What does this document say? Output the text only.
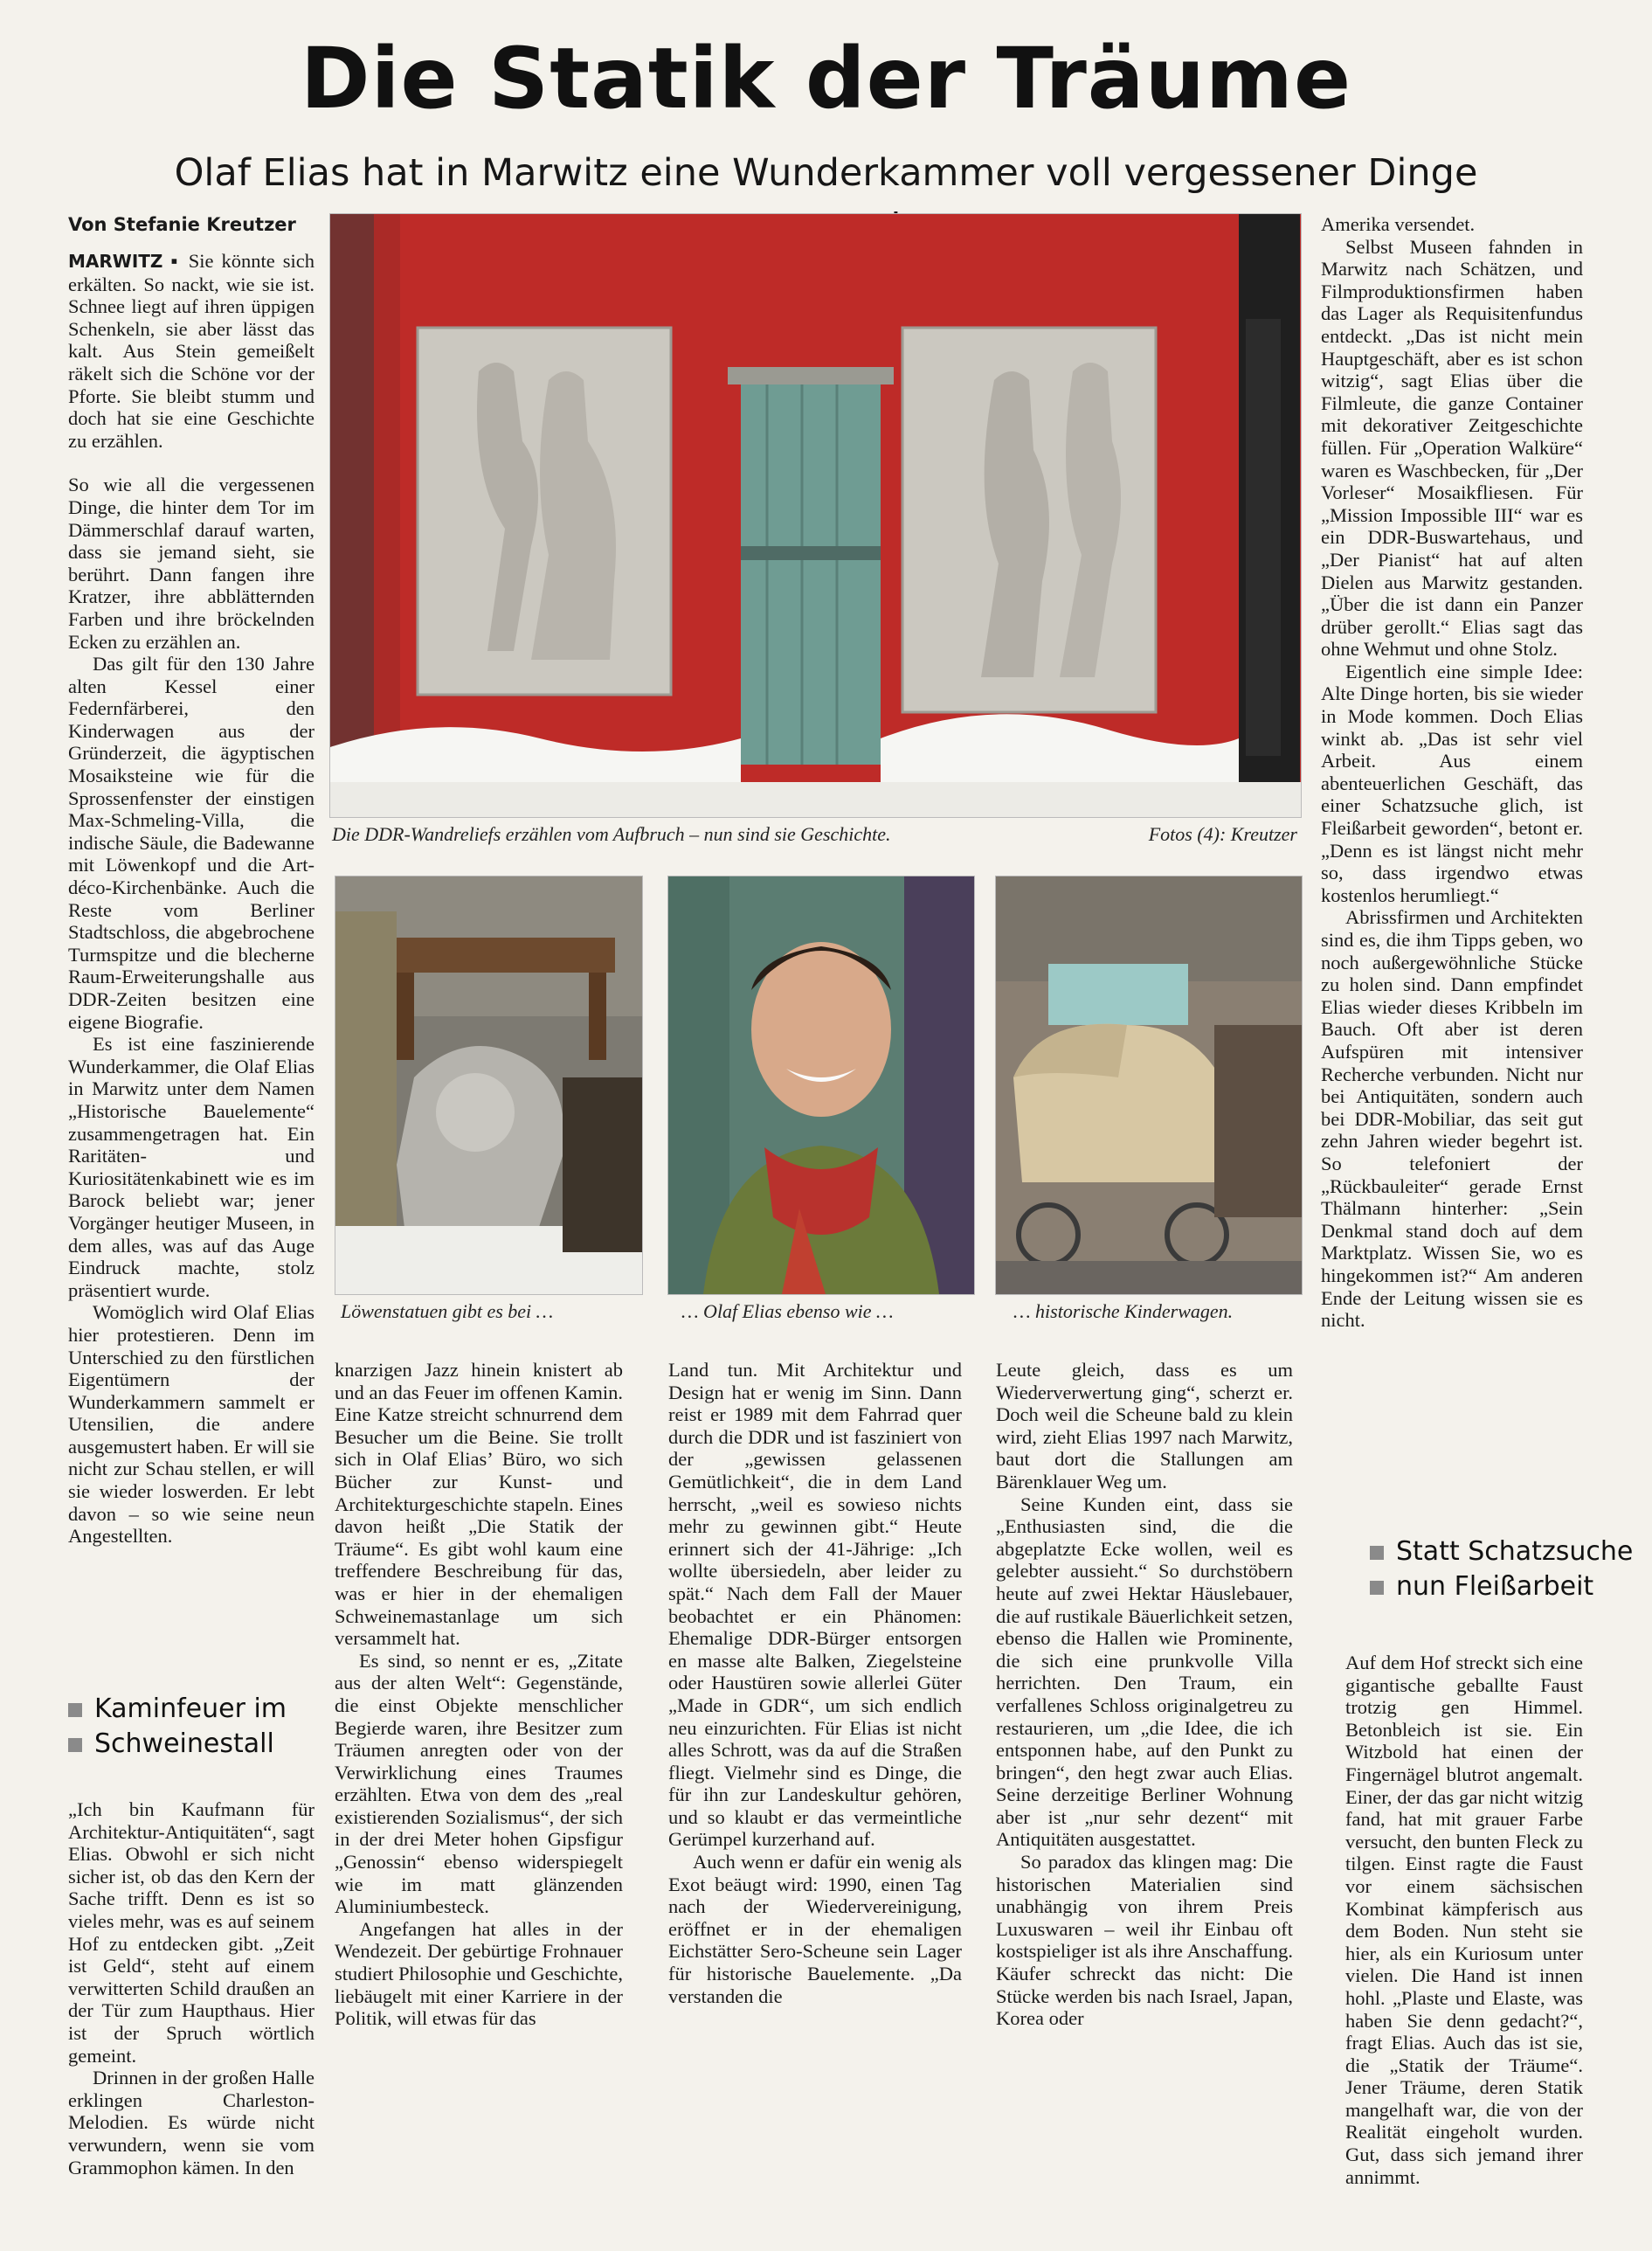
Die Statik der Träume
Olaf Elias hat in Marwitz eine Wunderkammer voll vergessener Dinge
Von Stefanie Kreutzer
Die DDR-Wandreliefs erzählen vom Aufbruch – nun sind sie Geschichte.	Fotos (4): Kreutzer
Löwenstatuen gibt es bei …	… Olaf Elias ebenso wie …	… historische Kinderwagen.

MARWITZ ▪ Sie könnte sich erkälten. So nackt, wie sie ist. Schnee liegt auf ihren üppigen Schenkeln, sie aber lässt das kalt. Aus Stein gemeißelt räkelt sich die Schöne vor der Pforte. Sie bleibt stumm und doch hat sie eine Geschichte zu erzählen.

So wie all die vergessenen Dinge, die hinter dem Tor im Dämmerschlaf darauf warten, dass sie jemand sieht, sie berührt. Dann fangen ihre Kratzer, ihre abblätternden Farben und ihre bröckelnden Ecken zu erzählen an.

Das gilt für den 130 Jahre alten Kessel einer Federnfärberei, den Kinderwagen aus der Gründerzeit, die ägyptischen Mosaiksteine wie für die Sprossenfenster der einstigen Max-Schmeling-Villa, die indische Säule, die Badewanne mit Löwenkopf und die Art-déco-Kirchenbänke. Auch die Reste vom Berliner Stadtschloss, die abgebrochene Turmspitze und die blecherne Raum-Erweiterungshalle aus DDR-Zeiten besitzen eine eigene Biografie.

Es ist eine faszinierende Wunderkammer, die Olaf Elias in Marwitz unter dem Namen „Historische Bauelemente“ zusammengetragen hat. Ein Raritäten- und Kuriositätenkabinett wie es im Barock beliebt war; jener Vorgänger heutiger Museen, in dem alles, was auf das Auge Eindruck machte, stolz präsentiert wurde.

Womöglich wird Olaf Elias hier protestieren. Denn im Unterschied zu den fürstlichen Eigentümern der Wunderkammern sammelt er Utensilien, die andere ausgemustert haben. Er will sie nicht zur Schau stellen, er will sie wieder loswerden. Er lebt davon – so wie seine neun Angestellten.

Kaminfeuer im
Schweinestall

„Ich bin Kaufmann für Architektur-Antiquitäten“, sagt Elias. Obwohl er sich nicht sicher ist, ob das den Kern der Sache trifft. Denn es ist so vieles mehr, was es auf seinem Hof zu entdecken gibt. „Zeit ist Geld“, steht auf einem verwitterten Schild draußen an der Tür zum Haupthaus. Hier ist der Spruch wörtlich gemeint.

Drinnen in der großen Halle erklingen Charleston-Melodien. Es würde nicht verwundern, wenn sie vom Grammophon kämen. In den

knarzigen Jazz hinein knistert ab und an das Feuer im offenen Kamin. Eine Katze streicht schnurrend dem Besucher um die Beine. Sie trollt sich in Olaf Elias’ Büro, wo sich Bücher zur Kunst- und Architekturgeschichte stapeln. Eines davon heißt „Die Statik der Träume“. Es gibt wohl kaum eine treffendere Beschreibung für das, was er hier in der ehemaligen Schweinemastanlage um sich versammelt hat.

Es sind, so nennt er es, „Zitate aus der alten Welt“: Gegenstände, die einst Objekte menschlicher Begierde waren, ihre Besitzer zum Träumen anregten oder von der Verwirklichung eines Traumes erzählten. Etwa von dem des „real existierenden Sozialismus“, der sich in der drei Meter hohen Gipsfigur „Genossin“ ebenso widerspiegelt wie im matt glänzenden Aluminiumbesteck.

Angefangen hat alles in der Wendezeit. Der gebürtige Frohnauer studiert Philosophie und Geschichte, liebäugelt mit einer Karriere in der Politik, will etwas für das

Land tun. Mit Architektur und Design hat er wenig im Sinn. Dann reist er 1989 mit dem Fahrrad quer durch die DDR und ist fasziniert von der „gewissen gelassenen Gemütlichkeit“, die in dem Land herrscht, „weil es sowieso nichts mehr zu gewinnen gibt.“ Heute erinnert sich der 41-Jährige: „Ich wollte übersiedeln, aber leider zu spät.“ Nach dem Fall der Mauer beobachtet er ein Phänomen: Ehemalige DDR-Bürger entsorgen en masse alte Balken, Ziegelsteine oder Haustüren sowie allerlei Güter „Made in GDR“, um sich endlich neu einzurichten. Für Elias ist nicht alles Schrott, was da auf die Straßen fliegt. Vielmehr sind es Dinge, die für ihn zur Landeskultur gehören, und so klaubt er das vermeintliche Gerümpel kurzerhand auf.

Auch wenn er dafür ein wenig als Exot beäugt wird: 1990, einen Tag nach der Wiedervereinigung, eröffnet er in der ehemaligen Eichstätter Sero-Scheune sein Lager für historische Bauelemente. „Da verstanden die

Leute gleich, dass es um Wiederverwertung ging“, scherzt er. Doch weil die Scheune bald zu klein wird, zieht Elias 1997 nach Marwitz, baut dort die Stallungen am Bärenklauer Weg um.

Seine Kunden eint, dass sie „Enthusiasten sind, die die abgeplatzte Ecke wollen, weil es gelebter aussieht.“ So durchstöbern heute auf zwei Hektar Häuslebauer, die auf rustikale Bäuerlichkeit setzen, ebenso die Hallen wie Prominente, die sich eine prunkvolle Villa herrichten. Den Traum, ein verfallenes Schloss originalgetreu zu restaurieren, um „die Idee, die ich entsponnen habe, auf den Punkt zu bringen“, den hegt zwar auch Elias. Seine derzeitige Berliner Wohnung aber ist „nur sehr dezent“ mit Antiquitäten ausgestattet.

So paradox das klingen mag: Die historischen Materialien sind unabhängig von ihrem Preis Luxuswaren – weil ihr Einbau oft kostspieliger ist als ihre Anschaffung. Käufer schreckt das nicht: Die Stücke werden bis nach Israel, Japan, Korea oder

Amerika versendet.

Selbst Museen fahnden in Marwitz nach Schätzen, und Filmproduktionsfirmen haben das Lager als Requisitenfundus entdeckt. „Das ist nicht mein Hauptgeschäft, aber es ist schon witzig“, sagt Elias über die Filmleute, die ganze Container mit dekorativer Zeitgeschichte füllen. Für „Operation Walküre“ waren es Waschbecken, für „Der Vorleser“ Mosaikfliesen. Für „Mission Impossible III“ war es ein DDR-Buswartehaus, und „Der Pianist“ hat auf alten Dielen aus Marwitz gestanden. „Über die ist dann ein Panzer drüber gerollt.“ Elias sagt das ohne Wehmut und ohne Stolz.

Eigentlich eine simple Idee: Alte Dinge horten, bis sie wieder in Mode kommen. Doch Elias winkt ab. „Das ist sehr viel Arbeit. Aus einem abenteuerlichen Geschäft, das einer Schatzsuche glich, ist Fleißarbeit geworden“, betont er. „Denn es ist längst nicht mehr so, dass irgendwo etwas kostenlos herumliegt.“

Abrissfirmen und Architekten sind es, die ihm Tipps geben, wo noch außergewöhnliche Stücke zu holen sind. Dann empfindet Elias wieder dieses Kribbeln im Bauch. Oft aber ist deren Aufspüren mit intensiver Recherche verbunden. Nicht nur bei Antiquitäten, sondern auch bei DDR-Mobiliar, das seit gut zehn Jahren wieder begehrt ist. So telefoniert der „Rückbauleiter“ gerade Ernst Thälmann hinterher: „Sein Denkmal stand doch auf dem Marktplatz. Wissen Sie, wo es hingekommen ist?“ Am anderen Ende der Leitung wissen sie es nicht.

Statt Schatzsuche
nun Fleißarbeit

Auf dem Hof streckt sich eine gigantische geballte Faust trotzig gen Himmel. Betonbleich ist sie. Ein Witzbold hat einen der Fingernägel blutrot angemalt. Einer, der das gar nicht witzig fand, hat mit grauer Farbe versucht, den bunten Fleck zu tilgen. Einst ragte die Faust vor einem sächsischen Kombinat kämpferisch aus dem Boden. Nun steht sie hier, als ein Kuriosum unter vielen. Die Hand ist innen hohl. „Plaste und Elaste, was haben Sie denn gedacht?“, fragt Elias. Auch das ist sie, die „Statik der Träume“. Jener Träume, deren Statik mangelhaft war, die von der Realität eingeholt wurden. Gut, dass sich jemand ihrer annimmt.
